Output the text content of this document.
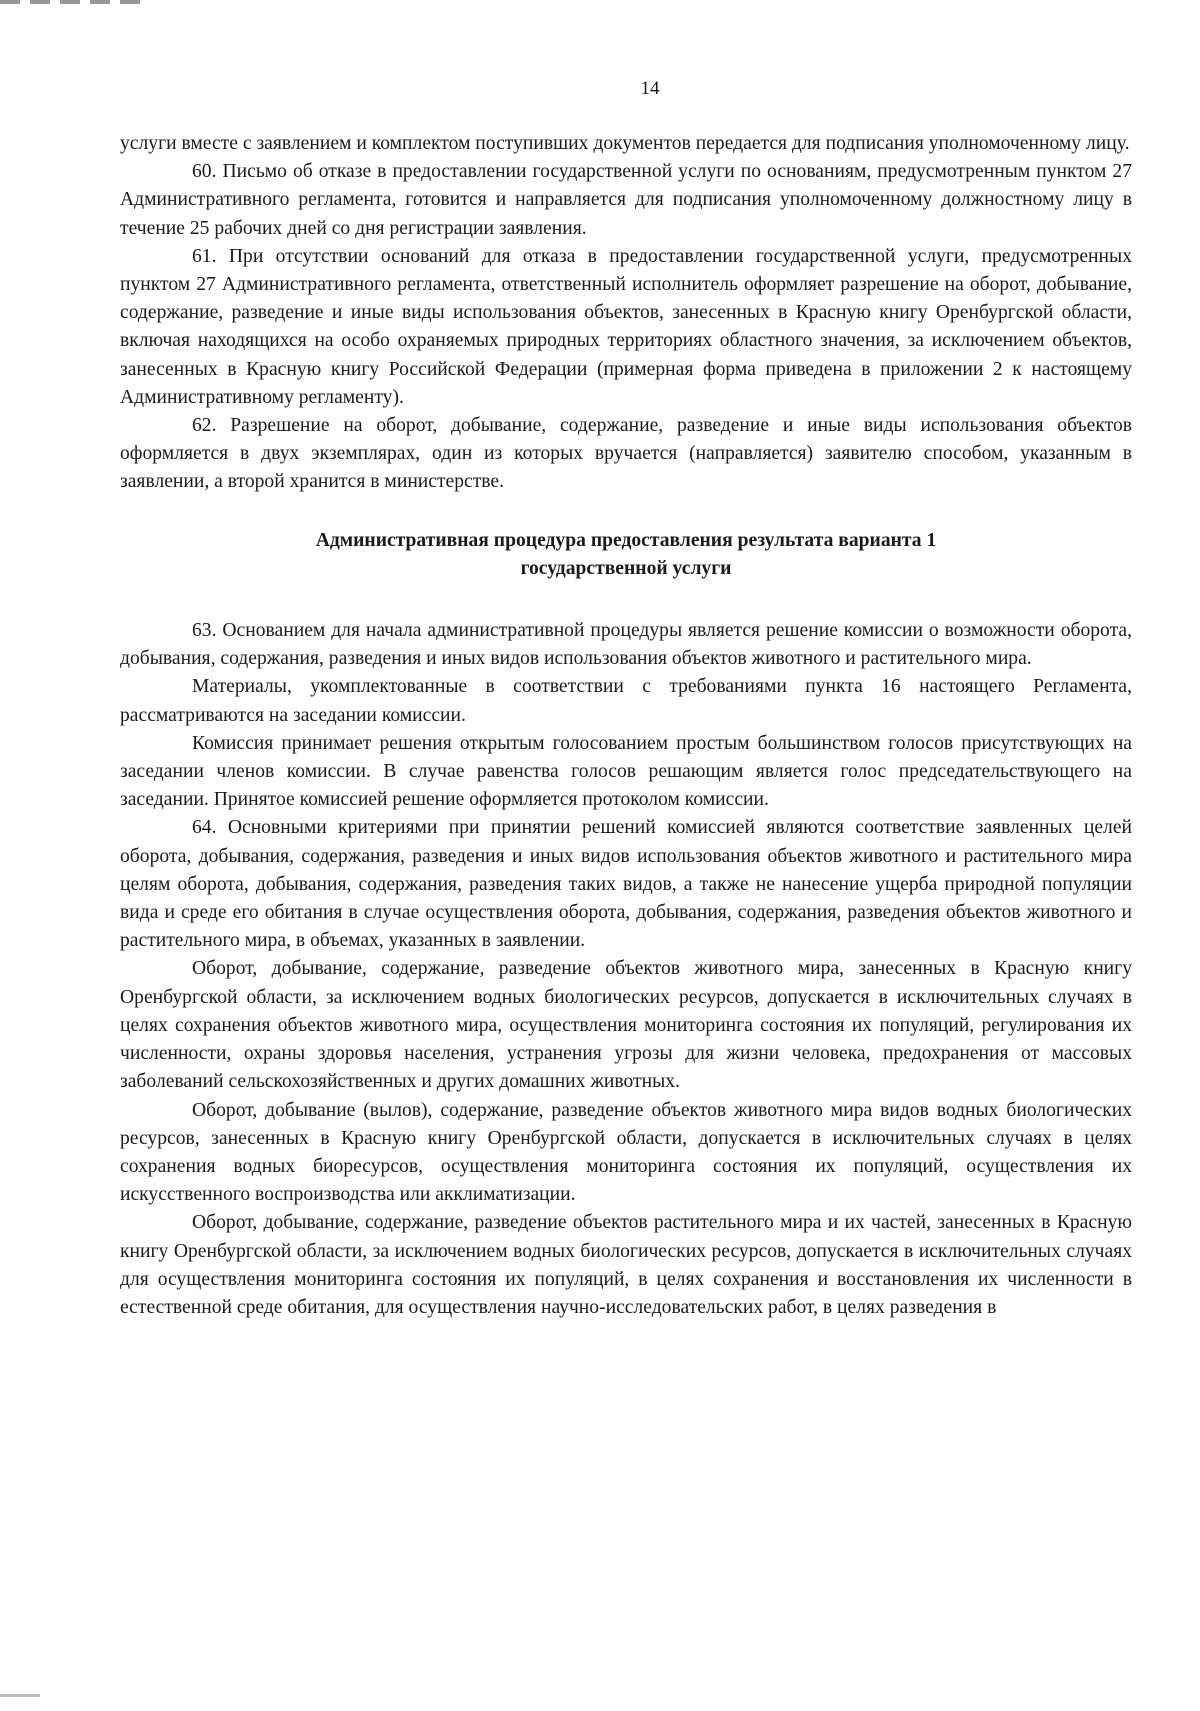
14

услуги вместе с заявлением и комплектом поступивших документов передается для подписания уполномоченному лицу.

60. Письмо об отказе в предоставлении государственной услуги по основаниям, предусмотренным пунктом 27 Административного регламента, готовится и направляется для подписания уполномоченному должностному лицу в течение 25 рабочих дней со дня регистрации заявления.

61. При отсутствии оснований для отказа в предоставлении государственной услуги, предусмотренных пунктом 27 Административного регламента, ответственный исполнитель оформляет разрешение на оборот, добывание, содержание, разведение и иные виды использования объектов, занесенных в Красную книгу Оренбургской области, включая находящихся на особо охраняемых природных территориях областного значения, за исключением объектов, занесенных в Красную книгу Российской Федерации (примерная форма приведена в приложении 2 к настоящему Административному регламенту).

62. Разрешение на оборот, добывание, содержание, разведение и иные виды использования объектов оформляется в двух экземплярах, один из которых вручается (направляется) заявителю способом, указанным в заявлении, а второй хранится в министерстве.

Административная процедура предоставления результата варианта 1
государственной услуги

63. Основанием для начала административной процедуры является решение комиссии о возможности оборота, добывания, содержания, разведения и иных видов использования объектов животного и растительного мира.

Материалы, укомплектованные в соответствии с требованиями пункта 16 настоящего Регламента, рассматриваются на заседании комиссии.

Комиссия принимает решения открытым голосованием простым большинством голосов присутствующих на заседании членов комиссии. В случае равенства голосов решающим является голос председательствующего на заседании. Принятое комиссией решение оформляется протоколом комиссии.

64. Основными критериями при принятии решений комиссией являются соответствие заявленных целей оборота, добывания, содержания, разведения и иных видов использования объектов животного и растительного мира целям оборота, добывания, содержания, разведения таких видов, а также не нанесение ущерба природной популяции вида и среде его обитания в случае осуществления оборота, добывания, содержания, разведения объектов животного и растительного мира, в объемах, указанных в заявлении.

Оборот, добывание, содержание, разведение объектов животного мира, занесенных в Красную книгу Оренбургской области, за исключением водных биологических ресурсов, допускается в исключительных случаях в целях сохранения объектов животного мира, осуществления мониторинга состояния их популяций, регулирования их численности, охраны здоровья населения, устранения угрозы для жизни человека, предохранения от массовых заболеваний сельскохозяйственных и других домашних животных.

Оборот, добывание (вылов), содержание, разведение объектов животного мира видов водных биологических ресурсов, занесенных в Красную книгу Оренбургской области, допускается в исключительных случаях в целях сохранения водных биоресурсов, осуществления мониторинга состояния их популяций, осуществления их искусственного воспроизводства или акклиматизации.

Оборот, добывание, содержание, разведение объектов растительного мира и их частей, занесенных в Красную книгу Оренбургской области, за исключением водных биологических ресурсов, допускается в исключительных случаях для осуществления мониторинга состояния их популяций, в целях сохранения и восстановления их численности в естественной среде обитания, для осуществления научно-исследовательских работ, в целях разведения в
